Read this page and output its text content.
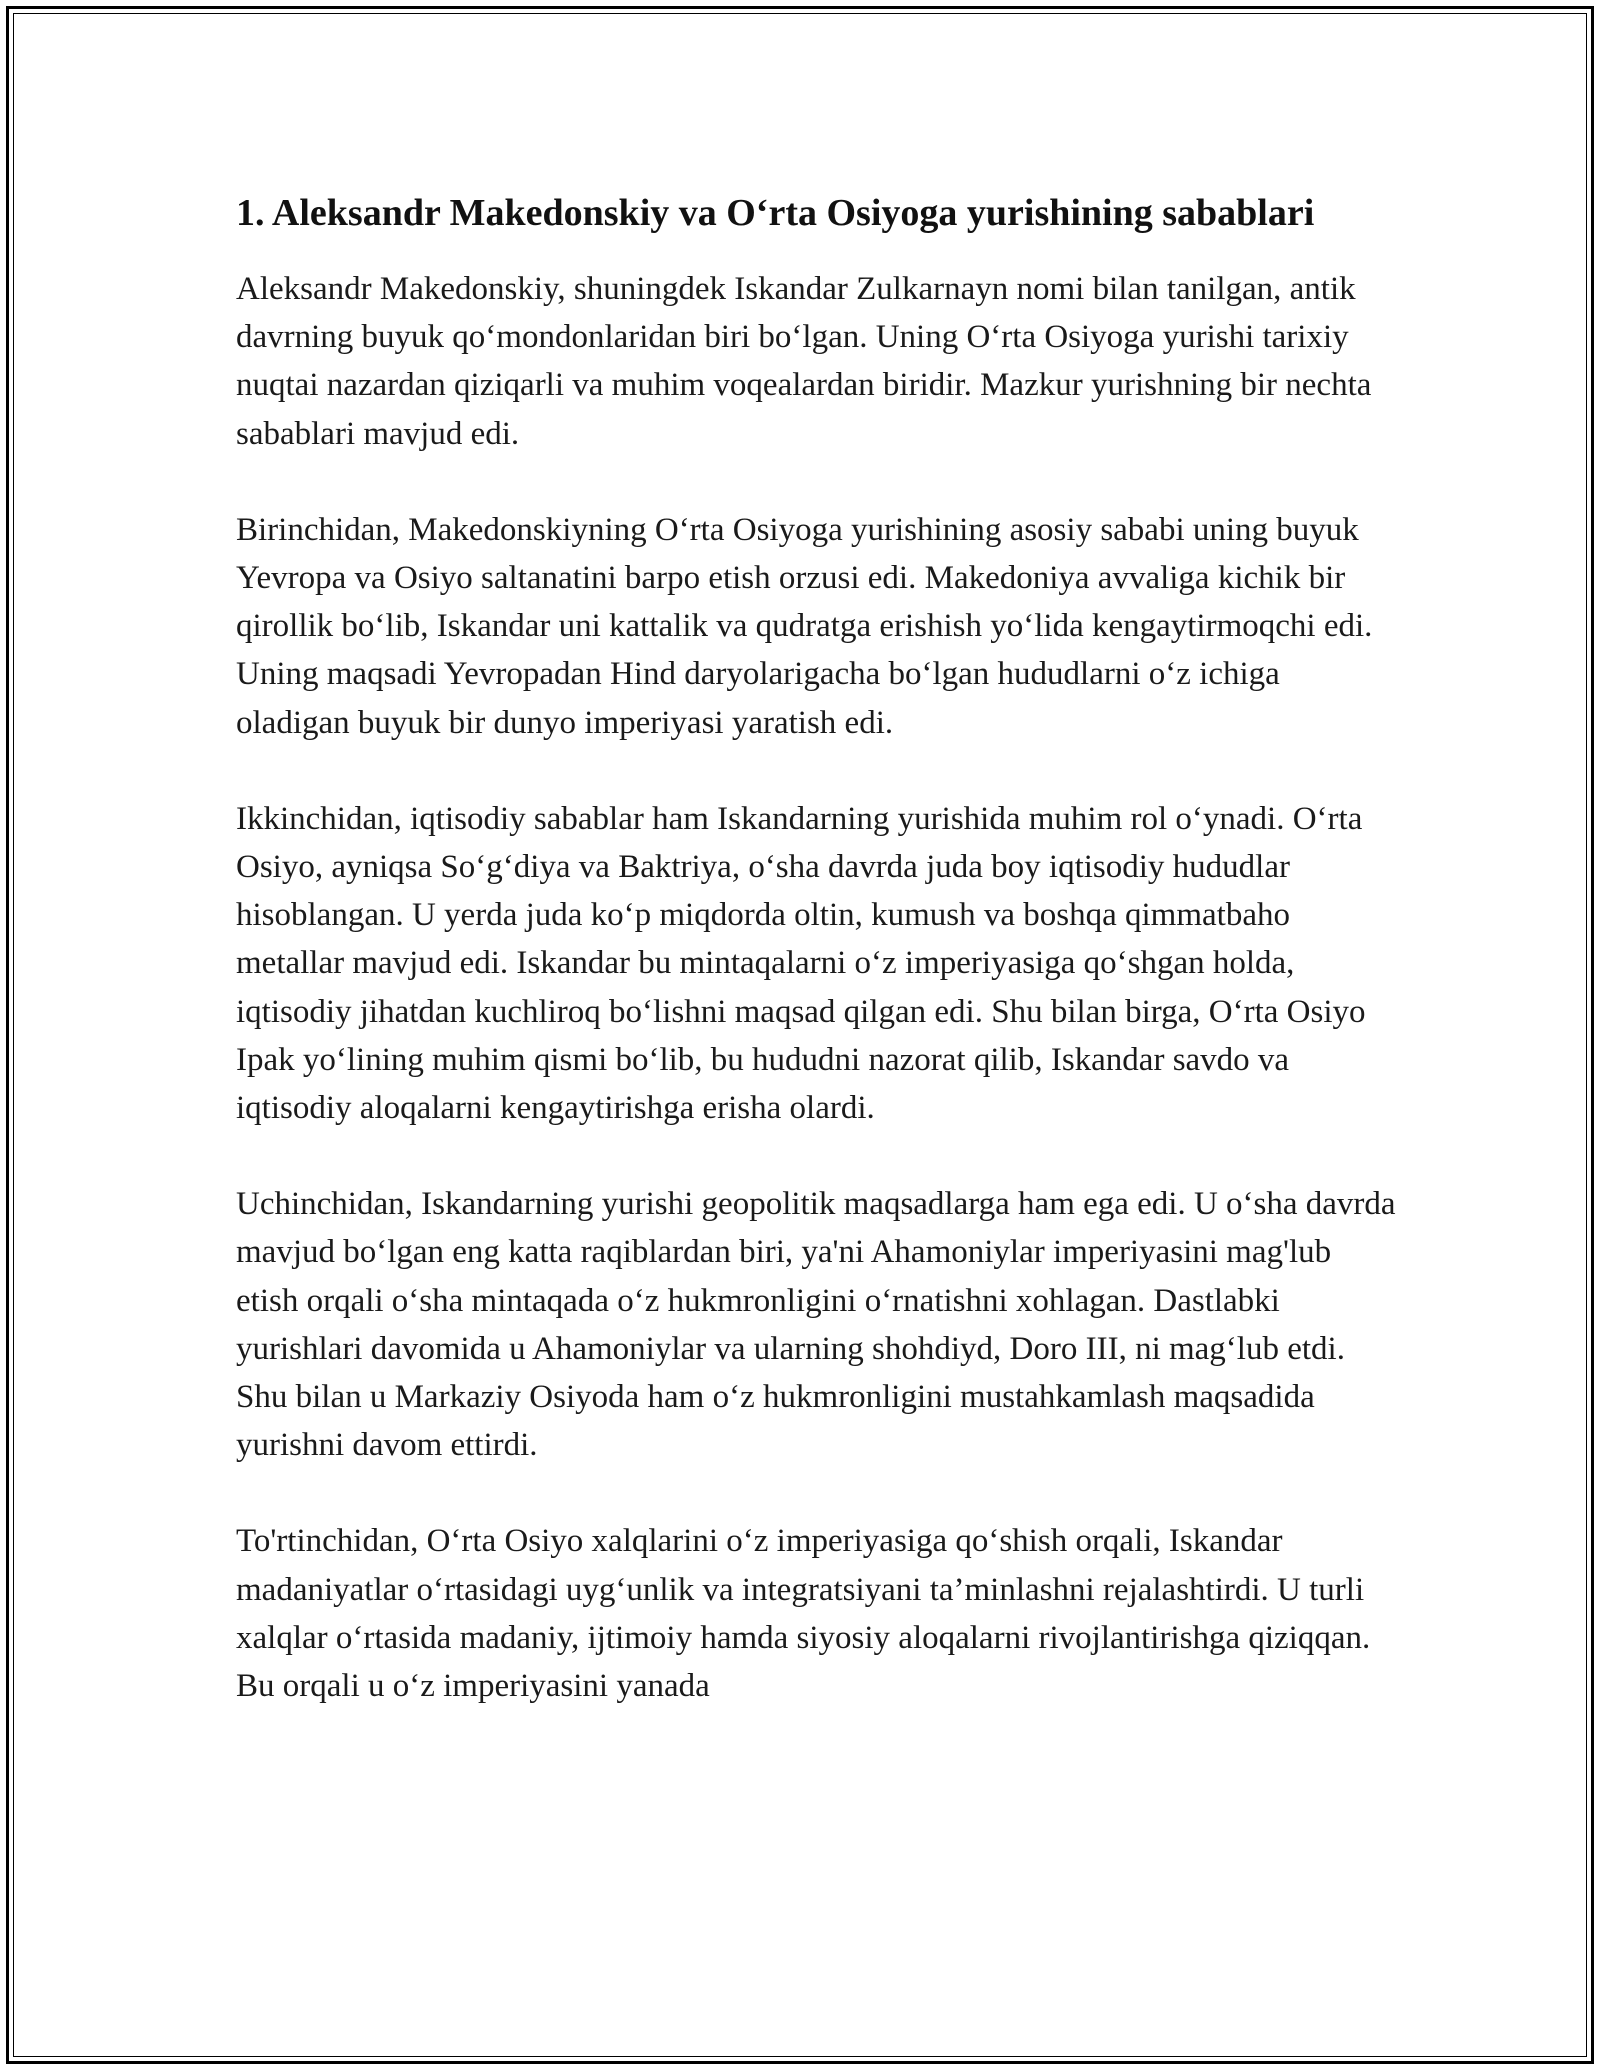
1. Aleksandr Makedonskiy va O‘rta Osiyoga yurishining sabablari

Aleksandr Makedonskiy, shuningdek Iskandar Zulkarnayn nomi bilan tanilgan, antik davrning buyuk qo‘mondonlaridan biri bo‘lgan. Uning O‘rta Osiyoga yurishi tarixiy nuqtai nazardan qiziqarli va muhim voqealardan biridir. Mazkur yurishning bir nechta sabablari mavjud edi.

Birinchidan, Makedonskiyning O‘rta Osiyoga yurishining asosiy sababi uning buyuk Yevropa va Osiyo saltanatini barpo etish orzusi edi. Makedoniya avvaliga kichik bir qirollik bo‘lib, Iskandar uni kattalik va qudratga erishish yo‘lida kengaytirmoqchi edi. Uning maqsadi Yevropadan Hind daryolarigacha bo‘lgan hududlarni o‘z ichiga oladigan buyuk bir dunyo imperiyasi yaratish edi.

Ikkinchidan, iqtisodiy sabablar ham Iskandarning yurishida muhim rol o‘ynadi. O‘rta Osiyo, ayniqsa So‘g‘diya va Baktriya, o‘sha davrda juda boy iqtisodiy hududlar hisoblangan. U yerda juda ko‘p miqdorda oltin, kumush va boshqa qimmatbaho metallar mavjud edi. Iskandar bu mintaqalarni o‘z imperiyasiga qo‘shgan holda, iqtisodiy jihatdan kuchliroq bo‘lishni maqsad qilgan edi. Shu bilan birga, O‘rta Osiyo Ipak yo‘lining muhim qismi bo‘lib, bu hududni nazorat qilib, Iskandar savdo va iqtisodiy aloqalarni kengaytirishga erisha olardi.

Uchinchidan, Iskandarning yurishi geopolitik maqsadlarga ham ega edi. U o‘sha davrda mavjud bo‘lgan eng katta raqiblardan biri, ya'ni Ahamoniylar imperiyasini mag'lub etish orqali o‘sha mintaqada o‘z hukmronligini o‘rnatishni xohlagan. Dastlabki yurishlari davomida u Ahamoniylar va ularning shohdiyd, Doro III, ni mag‘lub etdi. Shu bilan u Markaziy Osiyoda ham o‘z hukmronligini mustahkamlash maqsadida yurishni davom ettirdi.

To'rtinchidan, O‘rta Osiyo xalqlarini o‘z imperiyasiga qo‘shish orqali, Iskandar madaniyatlar o‘rtasidagi uyg‘unlik va integratsiyani ta’minlashni rejalashtirdi. U turli xalqlar o‘rtasida madaniy, ijtimoiy hamda siyosiy aloqalarni rivojlantirishga qiziqqan. Bu orqali u o‘z imperiyasini yanada
